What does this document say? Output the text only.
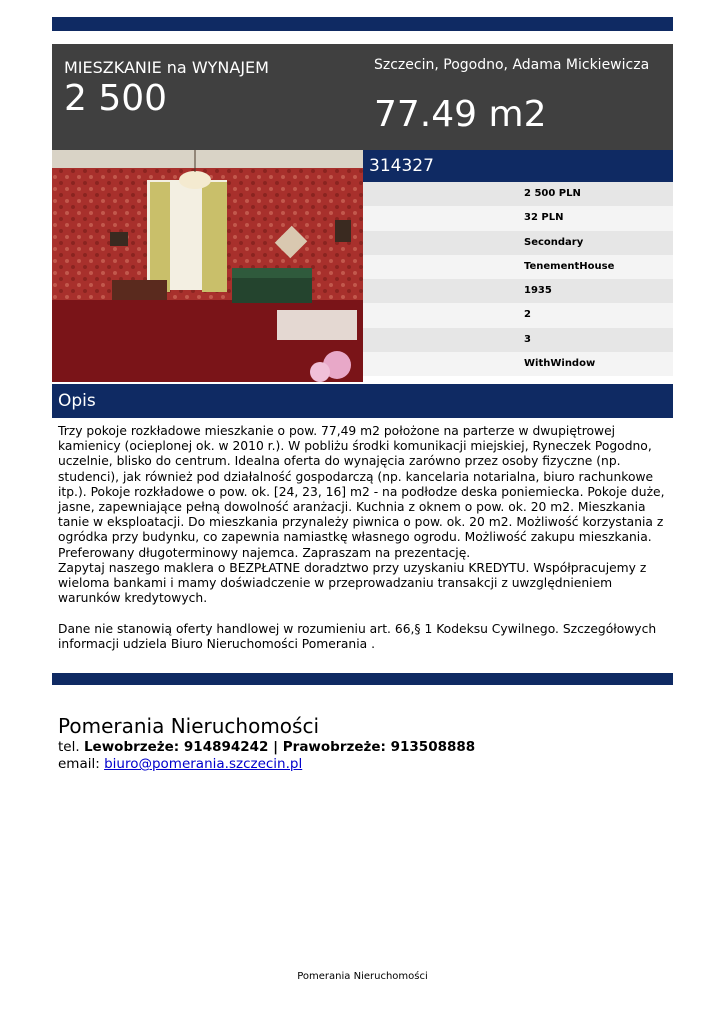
MIESZKANIE na WYNAJEM
2 500
Szczecin, Pogodno, Adama Mickiewicza
77.49 m2
314327
2 500 PLN
32 PLN
Secondary
TenementHouse
1935
2
3
WithWindow
Opis
Trzy pokoje rozkładowe mieszkanie o pow. 77,49 m2 położone na parterze w dwupiętrowej kamienicy (ocieplonej ok. w 2010 r.). W pobliżu środki komunikacji miejskiej, Ryneczek Pogodno, uczelnie, blisko do centrum. Idealna oferta do wynajęcia zarówno przez osoby fizyczne (np. studenci), jak również pod działalność gospodarczą (np. kancelaria notarialna, biuro rachunkowe itp.). Pokoje rozkładowe o pow. ok. [24, 23, 16] m2 - na podłodze deska poniemiecka. Pokoje duże, jasne, zapewniające pełną dowolność aranżacji. Kuchnia z oknem o pow. ok. 20 m2. Mieszkania tanie w eksploatacji. Do mieszkania przynależy piwnica o pow. ok. 20 m2. Możliwość korzystania z ogródka przy budynku, co zapewnia namiastkę własnego ogrodu. Możliwość zakupu mieszkania. Preferowany długoterminowy najemca. Zapraszam na prezentację.
Zapytaj naszego maklera o BEZPŁATNE doradztwo przy uzyskaniu KREDYTU. Współpracujemy z wieloma bankami i mamy doświadczenie w przeprowadzaniu transakcji z uwzględnieniem warunków kredytowych.

Dane nie stanowią oferty handlowej w rozumieniu art. 66,§ 1 Kodeksu Cywilnego. Szczegółowych informacji udziela Biuro Nieruchomości Pomerania .
Pomerania Nieruchomości
tel. Lewobrzeże: 914894242 | Prawobrzeże: 913508888
email: biuro@pomerania.szczecin.pl
Pomerania Nieruchomości
